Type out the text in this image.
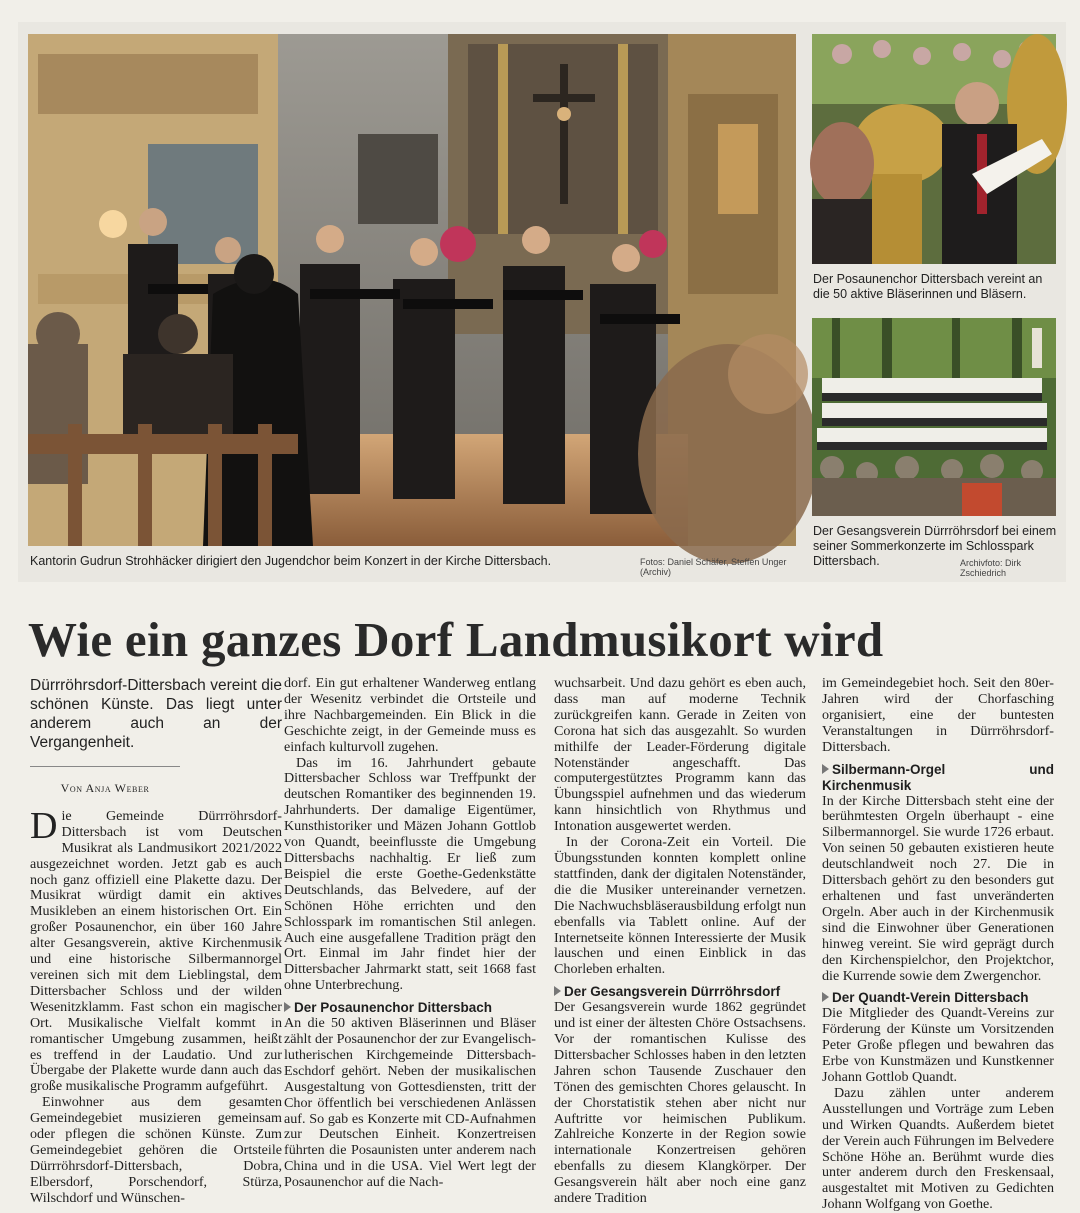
Kantorin Gudrun Strohhäcker dirigiert den Jugendchor beim Konzert in der Kirche Dittersbach.	Fotos: Daniel Schäfer, Steffen Unger (Archiv)
Der Posaunenchor Dittersbach vereint an die 50 aktive Bläserinnen und Bläsern.
Der Gesangsverein Dürrröhrsdorf bei einem seiner Sommerkonzerte im Schlosspark Dittersbach.	Archivfoto: Dirk Zschiedrich
Wie ein ganzes Dorf Landmusikort wird
Dürrröhrsdorf-Dittersbach vereint die schönen Künste. Das liegt unter anderem auch an der Vergangenheit.
Von Anja Weber

Die Gemeinde Dürrröhrsdorf-Dittersbach ist vom Deutschen Musikrat als Landmusikort 2021/2022 ausgezeichnet worden. Jetzt gab es auch noch ganz offiziell eine Plakette dazu. Der Musikrat würdigt damit ein aktives Musikleben an einem historischen Ort. Ein großer Posaunenchor, ein über 160 Jahre alter Gesangsverein, aktive Kirchenmusik und eine historische Silbermannorgel vereinen sich mit dem Lieblingstal, dem Dittersbacher Schloss und der wilden Wesenitzklamm. Fast schon ein magischer Ort. Musikalische Vielfalt kommt in romantischer Umgebung zusammen, heißt es treffend in der Laudatio. Und zur Übergabe der Plakette wurde dann auch das große musikalische Programm aufgeführt.

Einwohner aus dem gesamten Gemeindegebiet musizieren gemeinsam oder pflegen die schönen Künste. Zum Gemeindegebiet gehören die Ortsteile Dürrröhrsdorf-Dittersbach, Dobra, Elbersdorf, Porschendorf, Stürza, Wilschdorf und Wünschen-

dorf. Ein gut erhaltener Wanderweg entlang der Wesenitz verbindet die Ortsteile und ihre Nachbargemeinden. Ein Blick in die Geschichte zeigt, in der Gemeinde muss es einfach kulturvoll zugehen.

Das im 16. Jahrhundert gebaute Dittersbacher Schloss war Treffpunkt der deutschen Romantiker des beginnenden 19. Jahrhunderts. Der damalige Eigentümer, Kunsthistoriker und Mäzen Johann Gottlob von Quandt, beeinflusste die Umgebung Dittersbachs nachhaltig. Er ließ zum Beispiel die erste Goethe-Gedenkstätte Deutschlands, das Belvedere, auf der Schönen Höhe errichten und den Schlosspark im romantischen Stil anlegen. Auch eine ausgefallene Tradition prägt den Ort. Einmal im Jahr findet hier der Dittersbacher Jahrmarkt statt, seit 1668 fast ohne Unterbrechung.

Der Posaunenchor Dittersbach

An die 50 aktiven Bläserinnen und Bläser zählt der Posaunenchor der zur Evangelisch-lutherischen Kirchgemeinde Dittersbach-Eschdorf gehört. Neben der musikalischen Ausgestaltung von Gottesdiensten, tritt der Chor öffentlich bei verschiedenen Anlässen auf. So gab es Konzerte mit CD-Aufnahmen zur Deutschen Einheit. Konzertreisen führten die Posaunisten unter anderem nach China und in die USA. Viel Wert legt der Posaunenchor auf die Nach-

wuchsarbeit. Und dazu gehört es eben auch, dass man auf moderne Technik zurückgreifen kann. Gerade in Zeiten von Corona hat sich das ausgezahlt. So wurden mithilfe der Leader-Förderung digitale Notenständer angeschafft. Das computergestütztes Programm kann das Übungsspiel aufnehmen und das wiederum kann hinsichtlich von Rhythmus und Intonation ausgewertet werden.

In der Corona-Zeit ein Vorteil. Die Übungsstunden konnten komplett online stattfinden, dank der digitalen Notenständer, die die Musiker untereinander vernetzen. Die Nachwuchsbläserausbildung erfolgt nun ebenfalls via Tablett online. Auf der Internetseite können Interessierte der Musik lauschen und einen Einblick in das Chorleben erhalten.

Der Gesangsverein Dürrröhrsdorf

Der Gesangsverein wurde 1862 gegründet und ist einer der ältesten Chöre Ostsachsens. Vor der romantischen Kulisse des Dittersbacher Schlosses haben in den letzten Jahren schon Tausende Zuschauer den Tönen des gemischten Chores gelauscht. In der Chorstatistik stehen aber nicht nur Auftritte vor heimischen Publikum. Zahlreiche Konzerte in der Region sowie internationale Konzertreisen gehören ebenfalls zu diesem Klangkörper. Der Gesangsverein hält aber noch eine ganz andere Tradition

im Gemeindegebiet hoch. Seit den 80er-Jahren wird der Chorfasching organisiert, eine der buntesten Veranstaltungen in Dürrröhrsdorf-Dittersbach.

Silbermann-Orgel und Kirchenmusik

In der Kirche Dittersbach steht eine der berühmtesten Orgeln überhaupt - eine Silbermannorgel. Sie wurde 1726 erbaut. Von seinen 50 gebauten existieren heute deutschlandweit noch 27. Die in Dittersbach gehört zu den besonders gut erhaltenen und fast unveränderten Orgeln. Aber auch in der Kirchenmusik sind die Einwohner über Generationen hinweg vereint. Sie wird geprägt durch den Kirchenspielchor, den Projektchor, die Kurrende sowie dem Zwergenchor.

Der Quandt-Verein Dittersbach

Die Mitglieder des Quandt-Vereins zur Förderung der Künste um Vorsitzenden Peter Große pflegen und bewahren das Erbe von Kunstmäzen und Kunstkenner Johann Gottlob Quandt.

Dazu zählen unter anderem Ausstellungen und Vorträge zum Leben und Wirken Quandts. Außerdem bietet der Verein auch Führungen im Belvedere Schöne Höhe an. Berühmt wurde dies unter anderem durch den Freskensaal, ausgestaltet mit Motiven zu Gedichten Johann Wolfgang von Goethe.
